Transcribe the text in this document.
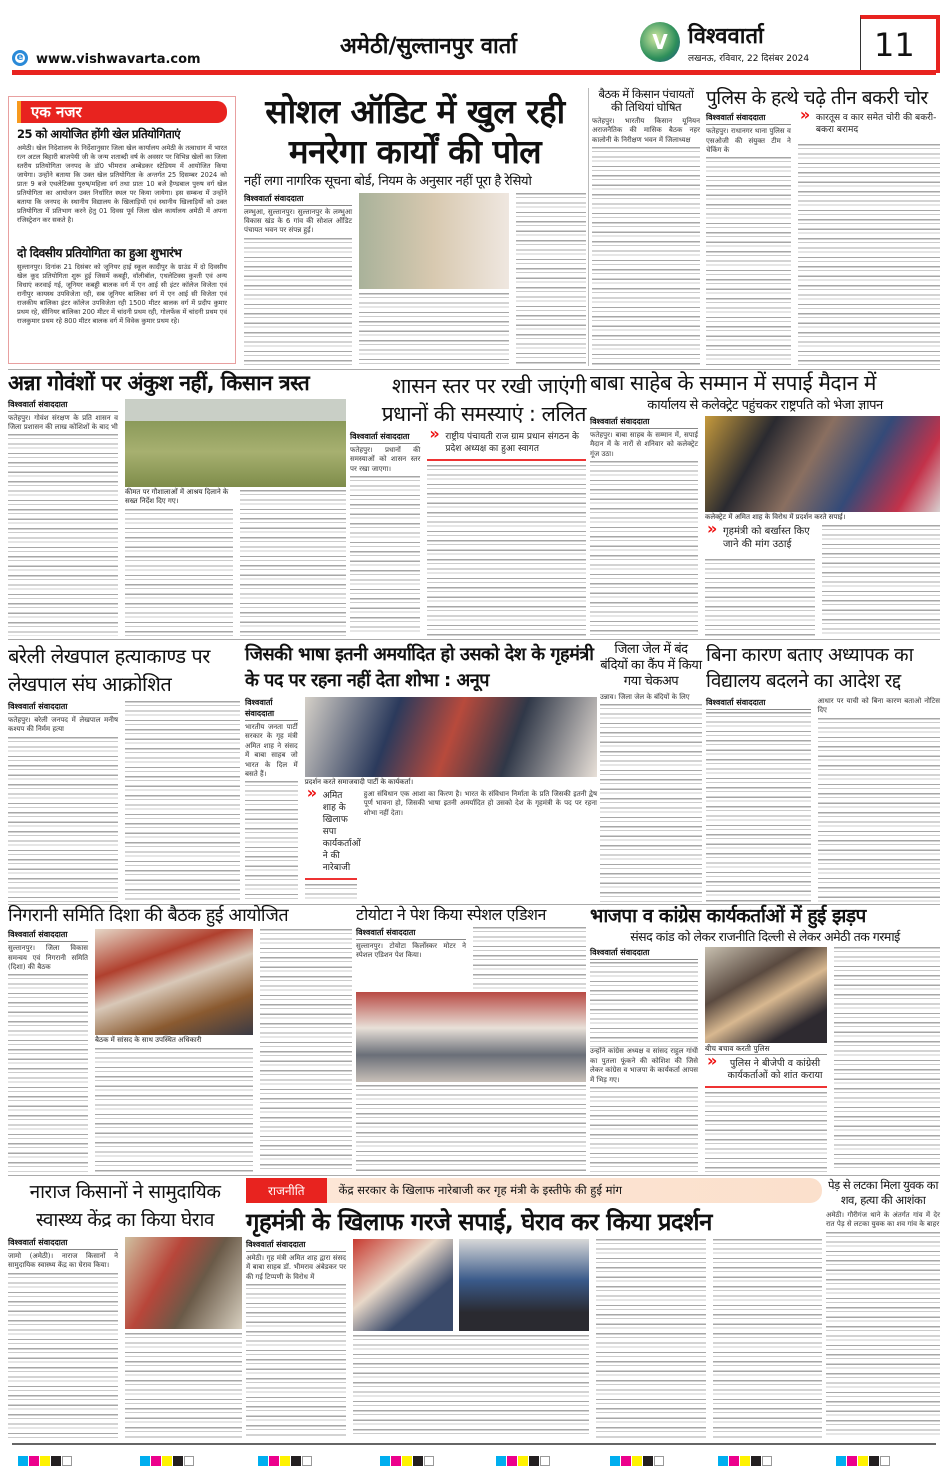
e www.vishwavarta.com
अमेठी/सुल्तानपुर वार्ता	V विश्ववार्ता
लखनऊ, रविवार, 22 दिसंबर 2024 11
एक नजर
25 को आयोजित होंगी खेल प्रतियोगिताएं
अमेठी। खेल निदेशालय के निर्देशानुसार जिला खेल कार्यालय अमेठी के तत्वाधान में भारत रत्न अटल बिहारी बाजपेयी जी के जन्म शताब्दी वर्ष के अवसर पर विभिन्न खेलों का जिला स्तरीय प्रतियोगिता जनपद के डॉ0 भीमराव अम्बेडकर स्टेडियम में आयोजित किया जायेगा। उन्होंने बताया कि उक्त खेल प्रतियोगिता के अन्तर्गत 25 दिसम्बर 2024 को प्रातः 9 बजे एथलेटिक्स पुरुष/महिला वर्ग तथा प्रातः 10 बजे हैण्डबाल पुरुष वर्ग खेल प्रतियोगिता का आयोजन उक्त निर्धारित स्थल पर किया जायेगा। इस सम्बन्ध में उन्होंने बताया कि जनपद के स्थानीय विद्यालय के खिलाड़ियों एवं स्थानीय खिलाड़ियों को उक्त प्रतियोगिता में प्रतिभाग करने हेतु 01 दिवस पूर्व जिला खेल कार्यालय अमेठी में अपना रजिस्ट्रेशन कर सकते है।
दो दिवसीय प्रतियोगिता का हुआ शुभारंभ
सुल्तानपुर। दिनांक 21 दिसंबर को जूनियर हाई स्कूल कादीपुर के ग्राउंड में दो दिवसीय खेल कूद प्रतियोगिता शुरू हुई जिसमें कबड्डी, वॉलीबॉल, एथलेटिक्स कुश्ती एवं अन्य विधाएं करवाई गई, जूनियर कबड्डी बालक वर्ग में एन आई सी इंटर कॉलेज विजेता एवं रानीपुर कायस्थ उपविजेता रही, सब जूनियर बालिका वर्ग में एन आई सी विजेता एवं राजकीय बालिका इंटर कॉलेज उपविजेता रही 1500 मीटर बालक वर्ग में प्रदीप कुमार प्रथम रहे, सीनियर बालिका 200 मीटर में चांदनी प्रथम रही, गोलफेंक में चांदनी प्रथम एवं राजकुमार प्रथम रहे 800 मीटर बालक वर्ग में विवेक कुमार प्रथम रहे।
सोशल ऑडिट में खुल रही मनरेगा कार्यों की पोल
नहीं लगा नागरिक सूचना बोर्ड, नियम के अनुसार नहीं पूरा है रेसियो
विश्ववार्ता संवाददाता
लम्भुआ, सुल्तानपुर। सुल्तानपुर के लम्भुआ विकास खंड के 6 गांव की सोशल ऑडिट पंचायत भवन पर संपन्न हुई।
बैठक में किसान पंचायतों की तिथियां घोषित
फतेहपुर। भारतीय किसान यूनियन अराजनैतिक की मासिक बैठक नहर कालोनी के निरीक्षण भवन में जिलाध्यक्ष
पुलिस के हत्थे चढ़े तीन बकरी चोर
विश्ववार्ता संवाददाता
फतेहपुर। राधानगर थाना पुलिस व एसओजी की संयुक्त टीम ने चेकिंग के
» कारतूस व कार समेत चोरी की बकरी-बकरा बरामद
अन्ना गोवंशों पर अंकुश नहीं, किसान त्रस्त
विश्ववार्ता संवाददाता
फतेहपुर। गोवंश संरक्षण के प्रति शासन व जिला प्रशासन की लाख कोशिशों के बाद भी
कीमत पर गौशालाओं में आश्रय दिलाने के सख्त निर्देश दिए गए।
शासन स्तर पर रखी जाएंगी प्रधानों की समस्याएं : ललित
विश्ववार्ता संवाददाता
फतेहपुर। प्रधानों की समस्याओं को शासन स्तर पर रखा जाएगा।
» राष्ट्रीय पंचायती राज ग्राम प्रधान संगठन के प्रदेश अध्यक्ष का हुआ स्वागत
बाबा साहेब के सम्मान में सपाई मैदान में
कार्यालय से कलेक्ट्रेट पहुंचकर राष्ट्रपति को भेजा ज्ञापन
विश्ववार्ता संवाददाता
फतेहपुर। बाबा साहब के सम्मान में, सपाई मैदान में के नारों से शनिवार को कलेक्ट्रेट गूंज उठा।
कलेक्ट्रेट में अमित शाह के विरोध में प्रदर्शन करते सपाई।
» गृहमंत्री को बर्खास्त किए जाने की मांग उठाई
बरेली लेखपाल हत्याकाण्ड पर लेखपाल संघ आक्रोशित
विश्ववार्ता संवाददाता
फतेहपुर। बरेली जनपद में लेखपाल मनीष कश्यप की निर्मम हत्या
जिसकी भाषा इतनी अमर्यादित हो उसको देश के गृहमंत्री के पद पर रहना नहीं देता शोभा : अनूप
विश्ववार्ता संवाददाता
भारतीय जनता पार्टी सरकार के गृह मंत्री अमित शाह ने संसद में बाबा साहब जो भारत के दिल में बसते हैं।
प्रदर्शन करते समाजवादी पार्टी के कार्यकर्ता।
» अमित शाह के खिलाफ सपा कार्यकर्ताओं ने की नारेबाजी
हुआ संविधान एक आशा का किरण है। भारत के संविधान निर्माता के प्रति जिसकी इतनी द्वेष पूर्ण भावना हो, जिसकी भाषा इतनी अमर्यादित हो उसको देश के गृहमंत्री के पद पर रहना शोभा नहीं देता।
जिला जेल में बंद बंदियों का कैंप में किया गया चेकअप
उन्नाव। जिला जेल के बंदियों के लिए
बिना कारण बताए अध्यापक का विद्यालय बदलने का आदेश रद्द
विश्ववार्ता संवाददाता	आधार पर याची को बिना कारण बताओ नोटिस दिए
निगरानी समिति दिशा की बैठक हुई आयोजित
विश्ववार्ता संवाददाता
सुल्तानपुर। जिला विकास समन्वय एवं निगरानी समिति (दिशा) की बैठक
बैठक में सांसद के साथ उपस्थित अधिकारी
टोयोटा ने पेश किया स्पेशल एडिशन
विश्ववार्ता संवाददाता
सुल्तानपुर। टोयोटा किर्लोस्कर मोटर ने स्पेशल एडिशन पेश किया।
भाजपा व कांग्रेस कार्यकर्ताओं में हुई झड़प
संसद कांड को लेकर राजनीति दिल्ली से लेकर अमेठी तक गरमाई
विश्ववार्ता संवाददाता
उन्होंने कांग्रेस अध्यक्ष व सांसद राहुल गांधी का पुतला फूंकने की कोशिश की जिसे लेकर कांग्रेस व भाजपा के कार्यकर्ता आपस में भिड़ गए।
बीच बचाव करती पुलिस
» पुलिस ने बीजेपी व कांग्रेसी कार्यकर्ताओं को शांत कराया
नाराज किसानों ने सामुदायिक स्वास्थ्य केंद्र का किया घेराव
विश्ववार्ता संवाददाता
जामो (अमेठी)। नाराज किसानों ने सामुदायिक स्वास्थ्य केंद्र का घेराव किया।
राजनीति	केंद्र सरकार के खिलाफ नारेबाजी कर गृह मंत्री के इस्तीफे की हुई मांग
गृहमंत्री के खिलाफ गरजे सपाई, घेराव कर किया प्रदर्शन
विश्ववार्ता संवाददाता
अमेठी। गृह मंत्री अमित शाह द्वारा संसद में बाबा साहब डॉ. भीमराव अंबेडकर पर की गई टिप्पणी के विरोध में
पेड़ से लटका मिला युवक का शव, हत्या की आशंका
अमेठी। गौरीगंज थाने के अंतर्गत गांव में देर रात पेड़ से लटका युवक का शव गांव के बाहर
